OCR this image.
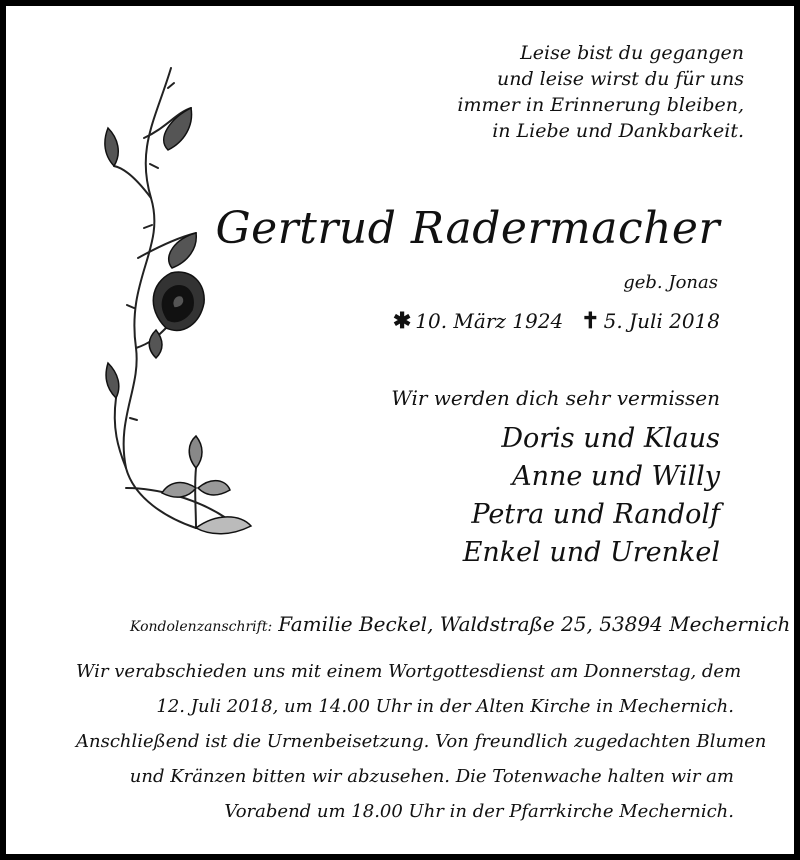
Leise bist du gegangen
und leise wirst du für uns
immer in Erinnerung bleiben,
in Liebe und Dankbarkeit.
Gertrud Radermacher
geb. Jonas
✱ 10. März 1924 ✝ 5. Juli 2018
Wir werden dich sehr vermissen
Doris und Klaus
Anne und Willy
Petra und Randolf
Enkel und Urenkel
Kondolenzanschrift: Familie Beckel, Waldstraße 25, 53894 Mechernich
Wir verabschieden uns mit einem Wortgottesdienst am Donnerstag, dem
12. Juli 2018, um 14.00 Uhr in der Alten Kirche in Mechernich.
Anschließend ist die Urnenbeisetzung. Von freundlich zugedachten Blumen
und Kränzen bitten wir abzusehen. Die Totenwache halten wir am
Vorabend um 18.00 Uhr in der Pfarrkirche Mechernich.
